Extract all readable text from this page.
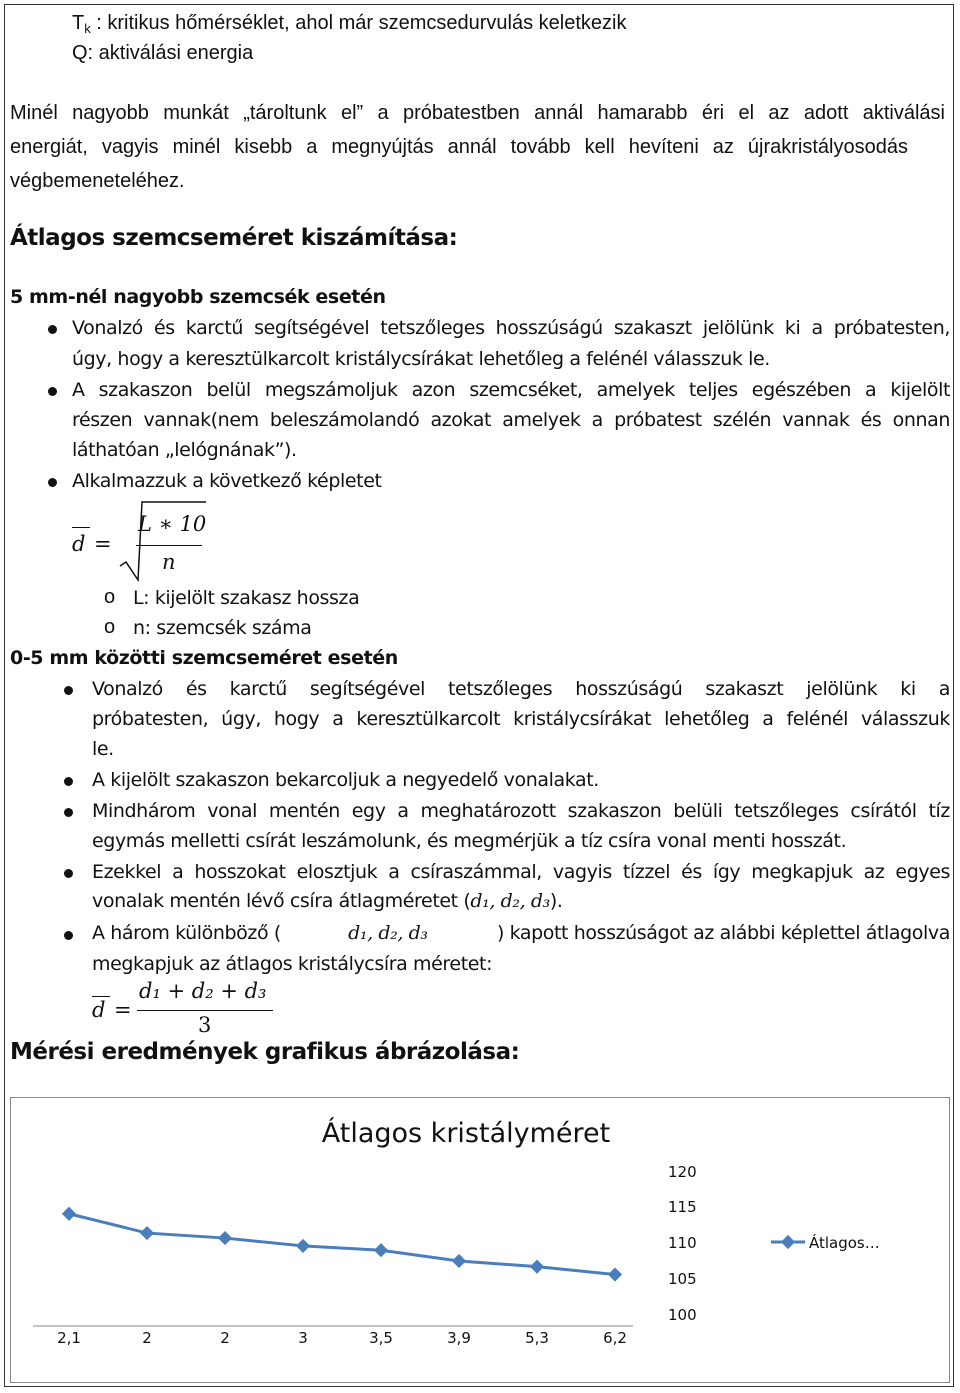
$T_k$ : kritikus hőmérséklet, ahol már szemcsedurvulás keletkezik
Q: aktiválási energia
Minél nagyobb munkát „tároltunk el” a próbatestben annál hamarabb éri el az adott aktiválási
energiát, vagyis minél kisebb a megnyújtás annál tovább kell hevíteni az újrakristályosodás
végbemeneteléhez.
Átlagos szemcseméret kiszámítása:
5 mm-nél nagyobb szemcsék esetén
Vonalzó és karctű segítségével tetszőleges hosszúságú szakaszt jelölünk ki a próbatesten,
úgy, hogy a keresztülkarcolt kristálycsírákat lehetőleg a felénél válasszuk le.
A szakaszon belül megszámoljuk azon szemcséket, amelyek teljes egészében a kijelölt
részen vannak(nem beleszámolandó azokat amelyek a próbatest szélén vannak és onnan
láthatóan „lelógnának”).
Alkalmazzuk a következő képletet
d =
L ∗ 10
n
o L: kijelölt szakasz hossza
o n: szemcsék száma
0-5 mm közötti szemcseméret esetén
Vonalzó és karctű segítségével tetszőleges hosszúságú szakaszt jelölünk ki a
próbatesten, úgy, hogy a keresztülkarcolt kristálycsírákat lehetőleg a felénél válasszuk
le.
A kijelölt szakaszon bekarcoljuk a negyedelő vonalakat.
Mindhárom vonal mentén egy a meghatározott szakaszon belüli tetszőleges csírától tíz
egymás melletti csírát leszámolunk, és megmérjük a tíz csíra vonal menti hosszát.
Ezekkel a hosszokat elosztjuk a csíraszámmal, vagyis tízzel és így megkapjuk az egyes
vonalak mentén lévő csíra átlagméretet (d₁, d₂, d₃).
A három különböző (	d₁, d₂, d₃	) kapott hosszúságot az alábbi képlettel átlagolva
megkapjuk az átlagos kristálycsíra méretet:
d =
d₁ + d₂ + d₃
3
Mérési eredmények grafikus ábrázolása:
Átlagos kristályméret
2,1	2	2	3	3,5	3,9	5,3	6,2
120
115
110
105
100
Átlagos…
